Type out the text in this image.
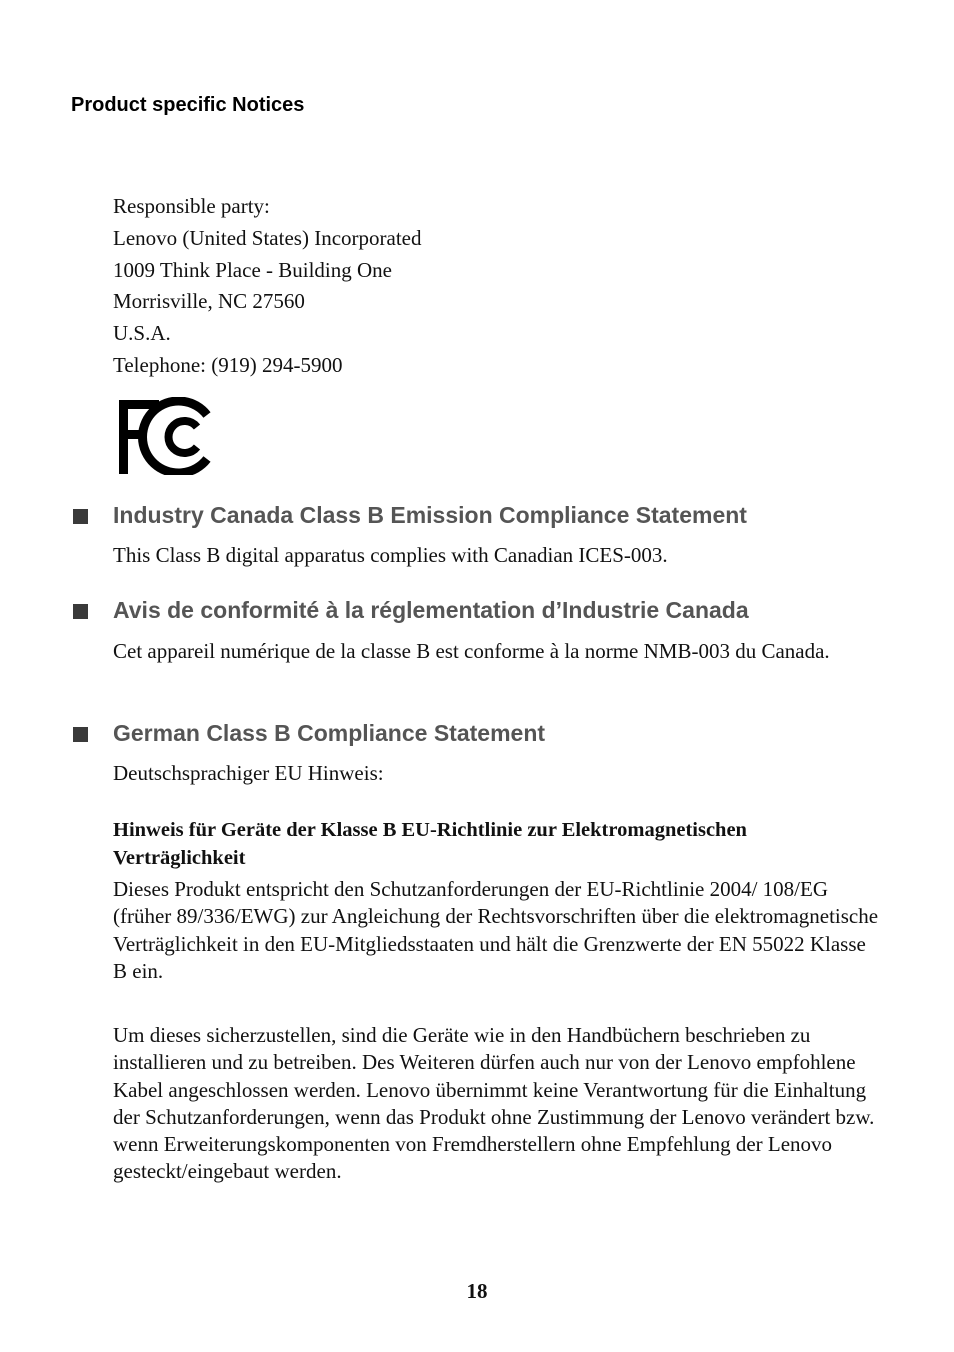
Product specific Notices
Responsible party:
Lenovo (United States) Incorporated
1009 Think Place - Building One
Morrisville, NC 27560
U.S.A.
Telephone: (919) 294-5900
Industry Canada Class B Emission Compliance Statement
This Class B digital apparatus complies with Canadian ICES-003.
Avis de conformité à la réglementation d’Industrie Canada
Cet appareil numérique de la classe B est conforme à la norme NMB-003 du Canada.
German Class B Compliance Statement
Deutschsprachiger EU Hinweis:
Hinweis für Geräte der Klasse B EU-Richtlinie zur Elektromagnetischen Verträglichkeit
Dieses Produkt entspricht den Schutzanforderungen der EU-Richtlinie 2004/ 108/EG (früher 89/336/EWG) zur Angleichung der Rechtsvorschriften über die elektromagnetische Verträglichkeit in den EU-Mitgliedsstaaten und hält die Grenzwerte der EN 55022 Klasse B ein.
Um dieses sicherzustellen, sind die Geräte wie in den Handbüchern beschrieben zu installieren und zu betreiben. Des Weiteren dürfen auch nur von der Lenovo empfohlene Kabel angeschlossen werden. Lenovo übernimmt keine Verantwortung für die Einhaltung der Schutzanforderungen, wenn das Produkt ohne Zustimmung der Lenovo verändert bzw. wenn Erweiterungskomponenten von Fremdherstellern ohne Empfehlung der Lenovo gesteckt/eingebaut werden.
18
